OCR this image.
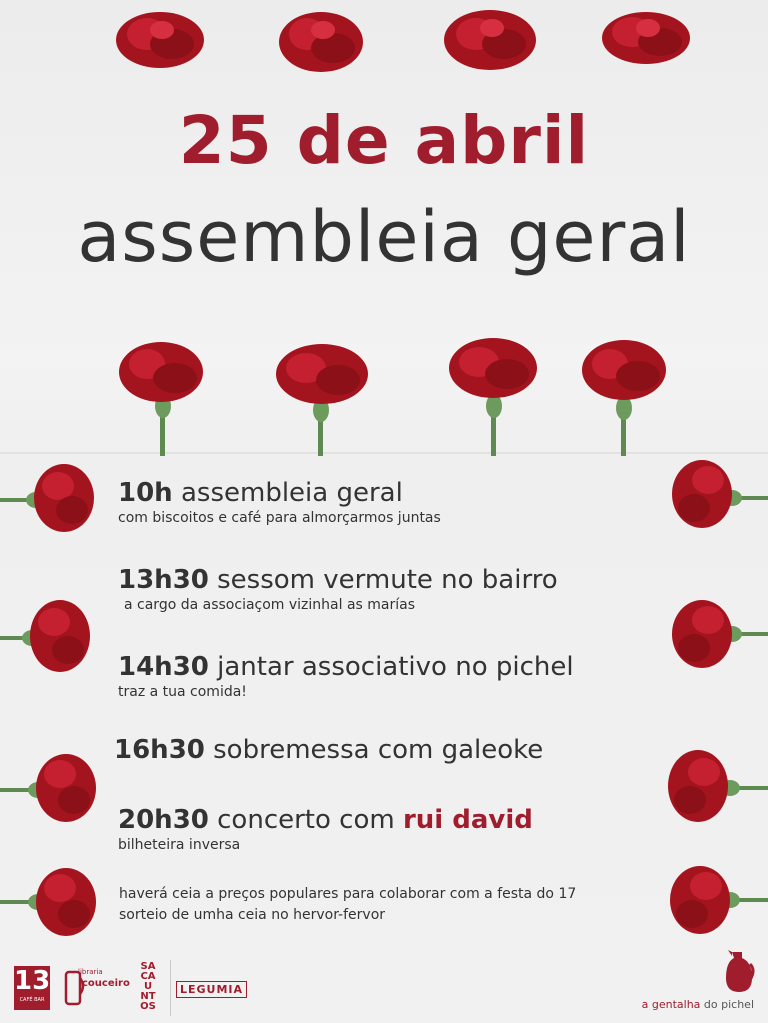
25 de abril
assembleia geral
10h assembleia geral
com biscoitos e café para almorçarmos juntas
13h30 sessom vermute no bairro
a cargo da associaçom vizinhal as marías
14h30 jantar associativo no pichel
traz a tua comida!
16h30 sobremessa com galeoke
20h30 concerto com rui david
bilheteira inversa
haverá ceia a preços populares para colaborar com a festa do 17
sorteio de umha ceia no hervor-fervor
13
CAFÉ BAR
libraria
couceiro
SACAUNTOS
LEGUMIA
a gentalha do pichel
